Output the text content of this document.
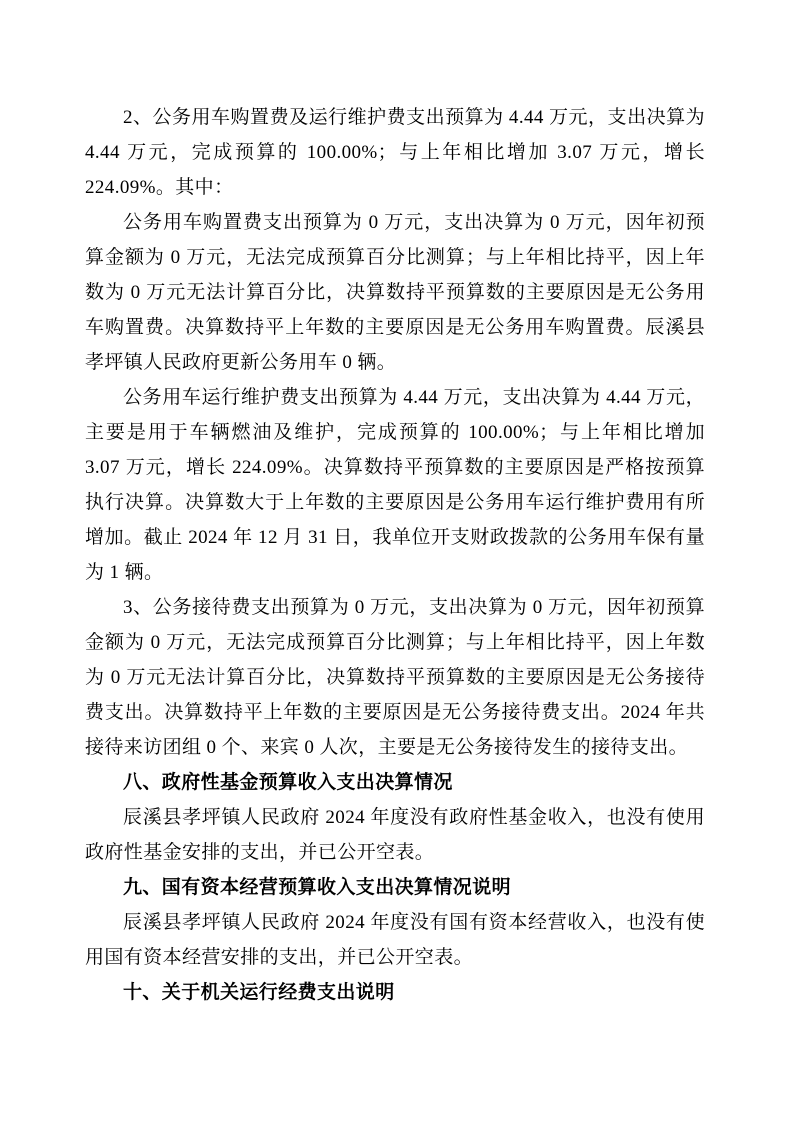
2、公务用车购置费及运行维护费支出预算为 4.44 万元，支出决算为 4.44 万元，完成预算的 100.00%；与上年相比增加 3.07 万元，增长 224.09%。其中：

公务用车购置费支出预算为 0 万元，支出决算为 0 万元，因年初预算金额为 0 万元，无法完成预算百分比测算；与上年相比持平，因上年数为 0 万元无法计算百分比，决算数持平预算数的主要原因是无公务用车购置费。决算数持平上年数的主要原因是无公务用车购置费。辰溪县孝坪镇人民政府更新公务用车 0 辆。

公务用车运行维护费支出预算为 4.44 万元，支出决算为 4.44 万元，主要是用于车辆燃油及维护，完成预算的 100.00%；与上年相比增加 3.07 万元，增长 224.09%。决算数持平预算数的主要原因是严格按预算执行决算。决算数大于上年数的主要原因是公务用车运行维护费用有所增加。截止 2024 年 12 月 31 日，我单位开支财政拨款的公务用车保有量为 1 辆。

3、公务接待费支出预算为 0 万元，支出决算为 0 万元，因年初预算金额为 0 万元，无法完成预算百分比测算；与上年相比持平，因上年数为 0 万元无法计算百分比，决算数持平预算数的主要原因是无公务接待费支出。决算数持平上年数的主要原因是无公务接待费支出。2024 年共接待来访团组 0 个、来宾 0 人次，主要是无公务接待发生的接待支出。

八、政府性基金预算收入支出决算情况

辰溪县孝坪镇人民政府 2024 年度没有政府性基金收入，也没有使用政府性基金安排的支出，并已公开空表。

九、国有资本经营预算收入支出决算情况说明

辰溪县孝坪镇人民政府 2024 年度没有国有资本经营收入，也没有使用国有资本经营安排的支出，并已公开空表。

十、关于机关运行经费支出说明
